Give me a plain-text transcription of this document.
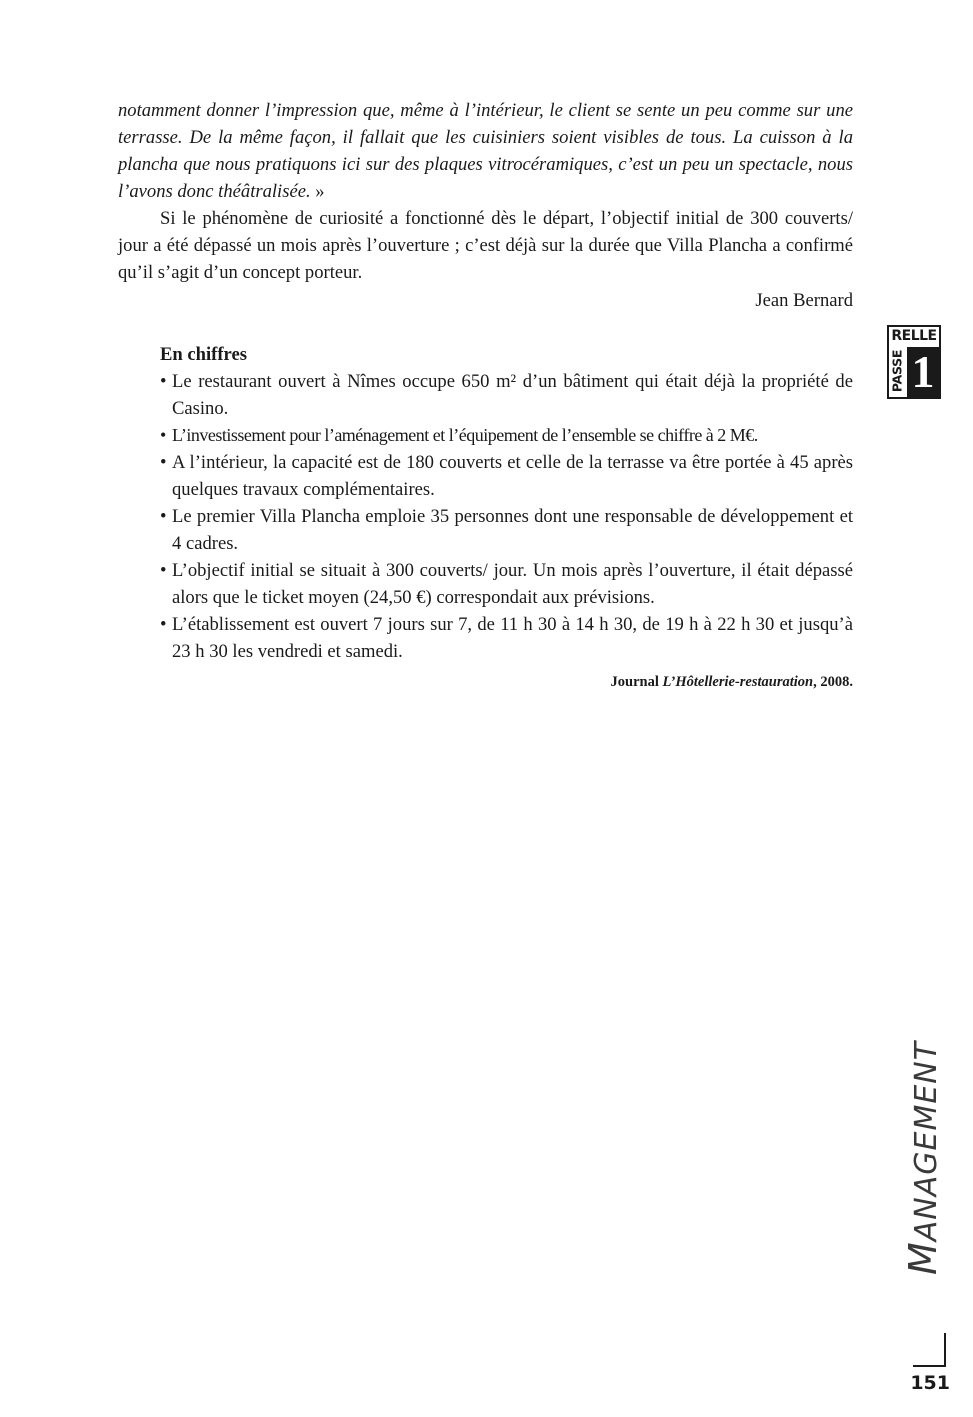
notamment donner l’impression que, même à l’intérieur, le client se sente un peu comme sur une terrasse. De la même façon, il fallait que les cuisiniers soient visibles de tous. La cuisson à la plancha que nous pratiquons ici sur des plaques vitrocéramiques, c’est un peu un spectacle, nous l’avons donc théâtralisée. »
Si le phénomène de curiosité a fonctionné dès le départ, l’objectif initial de 300 couverts/ jour a été dépassé un mois après l’ouverture ; c’est déjà sur la durée que Villa Plancha a confirmé qu’il s’agit d’un concept porteur.
Jean Bernard
En chiffres
• Le restaurant ouvert à Nîmes occupe 650 m² d’un bâtiment qui était déjà la propriété de Casino.
• L’investissement pour l’aménagement et l’équipement de l’ensemble se chiffre à 2 M€.
• A l’intérieur, la capacité est de 180 couverts et celle de la terrasse va être portée à 45 après quelques travaux complémentaires.
• Le premier Villa Plancha emploie 35 personnes dont une responsable de développement et 4 cadres.
• L’objectif initial se situait à 300 couverts/ jour. Un mois après l’ouverture, il était dépassé alors que le ticket moyen (24,50 €) correspondait aux prévisions.
• L’établissement est ouvert 7 jours sur 7, de 11 h 30 à 14 h 30, de 19 h à 22 h 30 et jusqu’à 23 h 30 les vendredi et samedi.
Journal L’Hôtellerie-restauration, 2008.
RELLE
PASSE 1
MANAGEMENT
151
